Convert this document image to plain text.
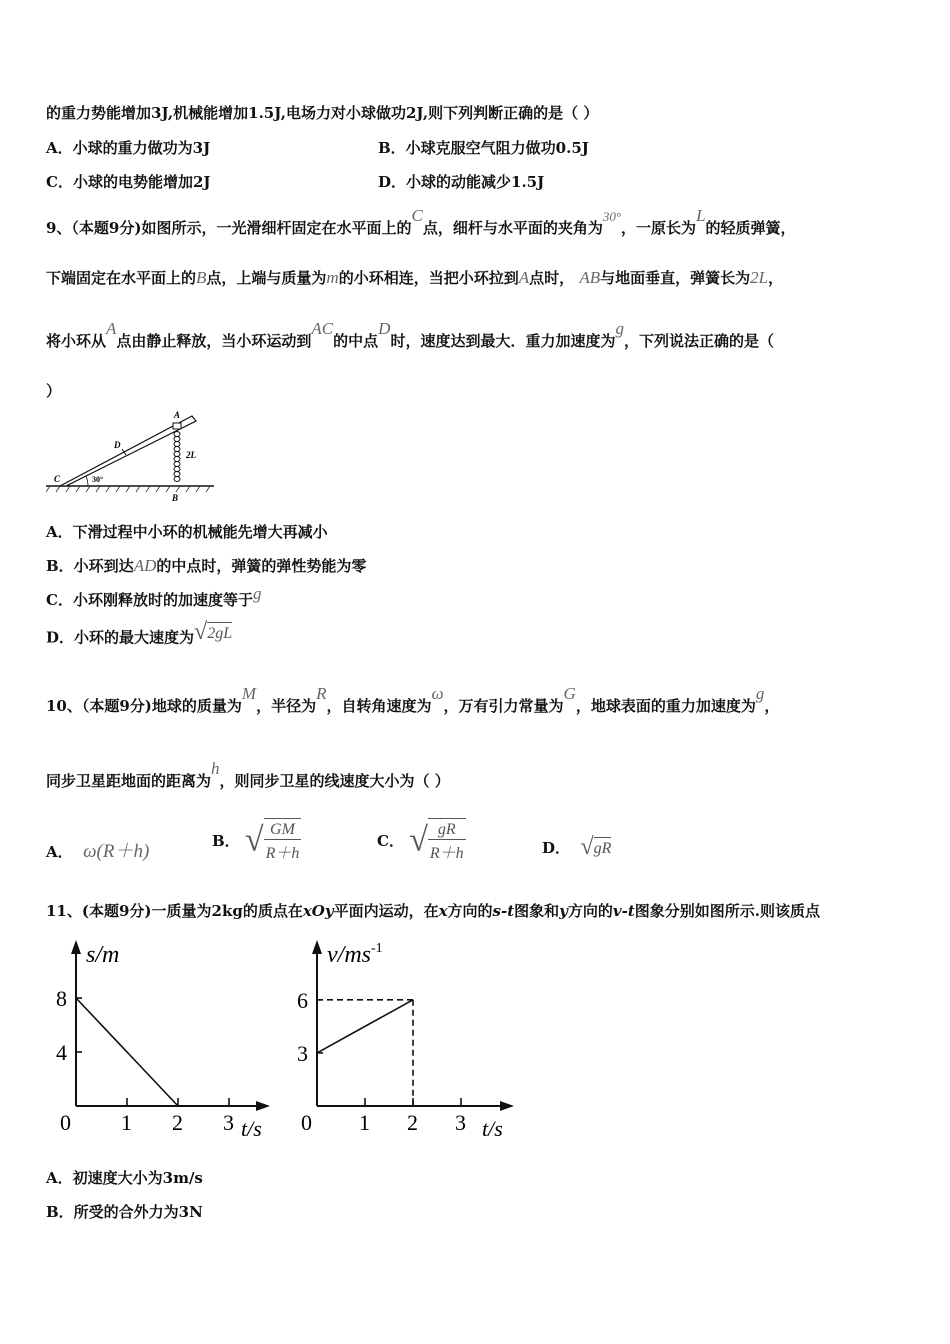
的重力势能增加3J,机械能增加1.5J,电场力对小球做功2J,则下列判断正确的是（ ）
A．小球的重力做功为3J	B．小球克服空气阻力做功0.5J
C．小球的电势能增加2J	D．小球的动能减少1.5J
9、（本题9分)如图所示，一光滑细杆固定在水平面上的C点，细杆与水平面的夹角为30°，一原长为L的轻质弹簧，
下端固定在水平面上的B点，上端与质量为m的小环相连，当把小环拉到A点时， AB与地面垂直，弹簧长为2L，
将小环从A点由静止释放，当小环运动到AC的中点D时，速度达到最大．重力加速度为g，下列说法正确的是（
）
A
B
C
D
2L
30°
A．下滑过程中小环的机械能先增大再减小
B．小环到达AD的中点时，弹簧的弹性势能为零
C．小环刚释放时的加速度等于g
D．小环的最大速度为√2gL
10、（本题9分)地球的质量为M，半径为R，自转角速度为ω，万有引力常量为G，地球表面的重力加速度为g，
同步卫星距地面的距离为h，则同步卫星的线速度大小为（ ）
A． ω(R＋h)	B． √ $\frac{GM}{R+h}$	C． √ $\frac{gR}{R+h}$	D． √gR
11、(本题9分)一质量为2kg的质点在xOy平面内运动，在x方向的s-t图象和y方向的v-t图象分别如图所示.则该质点
0 1 2 3
4
8
s/m
t/s 0 1 2 3
3
6
$v/ms^{-1}$
t/s
A．初速度大小为3m/s
B．所受的合外力为3N
